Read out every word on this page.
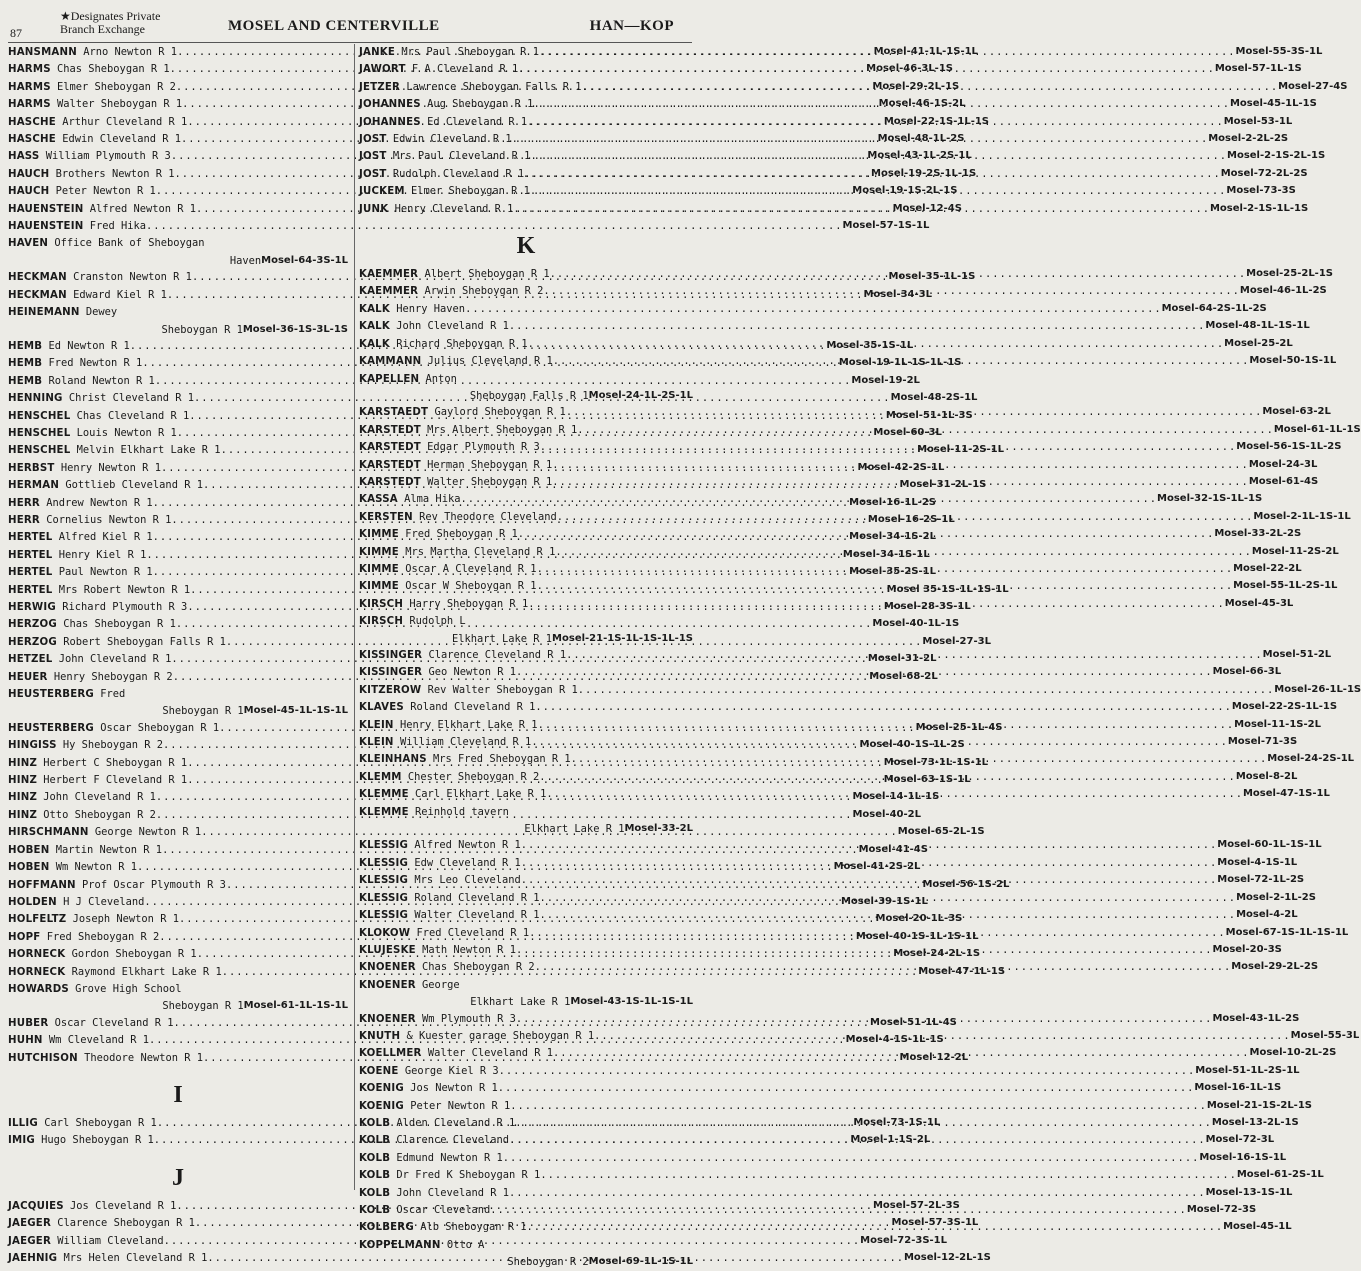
87
★Designates Private
Branch Exchange	MOSEL AND CENTERVILLE	HAN—KOP
HANSMANN Arno Newton R 1 .....	Mosel-41-1L-1S-1L
HARMS Chas Sheboygan R 1 .....	Mosel-46-3L-1S
HARMS Elmer Sheboygan R 2 .....	Mosel-29-2L-1S
HARMS Walter Sheboygan R 1 .....	Mosel-46-1S-2L
HASCHE Arthur Cleveland R 1 .....	Mosel-22-1S-1L-1S
HASCHE Edwin Cleveland R 1 .....	Mosel-48-1L-2S
HASS William Plymouth R 3 .....	Mosel-43-1L-2S-1L
HAUCH Brothers Newton R 1 .....	Mosel-19-2S-1L-1S
HAUCH Peter Newton R 1 .....	Mosel-19-1S-2L-1S
HAUENSTEIN Alfred Newton R 1 .....	Mosel-12-4S
HAUENSTEIN Fred Hika .....	Mosel-57-1S-1L
HAVEN Office Bank of Sheboygan
Haven Mosel-64-3S-1L
HECKMAN Cranston Newton R 1 .....	Mosel-35-1L-1S
HECKMAN Edward Kiel R 1 .....	Mosel-34-3L
HEINEMANN Dewey
Sheboygan R 1 Mosel-36-1S-3L-1S
HEMB Ed Newton R 1 .....	Mosel-35-1S-1L
HEMB Fred Newton R 1 .....	Mosel-19-1L-1S-1L-1S
HEMB Roland Newton R 1 .....	Mosel-19-2L
HENNING Christ Cleveland R 1 .....	Mosel-48-2S-1L
HENSCHEL Chas Cleveland R 1 .....	Mosel-51-1L-3S
HENSCHEL Louis Newton R 1 .....	Mosel-60-3L
HENSCHEL Melvin Elkhart Lake R 1 .....	Mosel-11-2S-1L
HERBST Henry Newton R 1 .....	Mosel-42-2S-1L
HERMAN Gottlieb Cleveland R 1 .....	Mosel-31-2L-1S
HERR Andrew Newton R 1 .....	Mosel-16-1L-2S
HERR Cornelius Newton R 1 .....	Mosel-16-2S-1L
HERTEL Alfred Kiel R 1 .....	Mosel-34-1S-2L
HERTEL Henry Kiel R 1 .....	Mosel-34-1S-1L
HERTEL Paul Newton R 1 .....	Mosel-35-2S-1L
HERTEL Mrs Robert Newton R 1 .....	Mosel 35-1S-1L-1S-1L
HERWIG Richard Plymouth R 3 .....	Mosel-28-3S-1L
HERZOG Chas Sheboygan R 1 .....	Mosel-40-1L-1S
HERZOG Robert Sheboygan Falls R 1 .....	Mosel-27-3L
HETZEL John Cleveland R 1 .....	Mosel-31-2L
HEUER Henry Sheboygan R 2 .....	Mosel-68-2L
HEUSTERBERG Fred
Sheboygan R 1 Mosel-45-1L-1S-1L
HEUSTERBERG Oscar Sheboygan R 1 .....	Mosel-25-1L-4S
HINGISS Hy Sheboygan R 2 .....	Mosel-40-1S-1L-2S
HINZ Herbert C Sheboygan R 1 .....	Mosel-73-1L-1S-1L
HINZ Herbert F Cleveland R 1 .....	Mosel-63-1S-1L
HINZ John Cleveland R 1 .....	Mosel-14-1L-1S
HINZ Otto Sheboygan R 2 .....	Mosel-40-2L
HIRSCHMANN George Newton R 1 .....	Mosel-65-2L-1S
HOBEN Martin Newton R 1 .....	Mosel-41-4S
HOBEN Wm Newton R 1 .....	Mosel-41-2S-2L
HOFFMANN Prof Oscar Plymouth R 3 .....	Mosel-56-1S-2L
HOLDEN H J Cleveland .....	Mosel-39-1S-1L
HOLFELTZ Joseph Newton R 1 .....	Mosel-20-1L-3S
HOPF Fred Sheboygan R 2 .....	Mosel-40-1S-1L-1S-1L
HORNECK Gordon Sheboygan R 1 .....	Mosel-24-2L-1S
HORNECK Raymond Elkhart Lake R 1 .....	Mosel-47-1L-1S
HOWARDS Grove High School
Sheboygan R 1 Mosel-61-1L-1S-1L
HUBER Oscar Cleveland R 1 .....	Mosel-51-1L-4S
HUHN Wm Cleveland R 1 .....	Mosel-4-1S-1L-1S
HUTCHISON Theodore Newton R 1 .....	Mosel-12-2L
I
ILLIG Carl Sheboygan R 1 .....	Mosel-73-1S-1L
IMIG Hugo Sheboygan R 1 .....	Mosel-1-1S-2L
J
JACQUIES Jos Cleveland R 1 .....	Mosel-57-2L-3S
JAEGER Clarence Sheboygan R 1 .....	Mosel-57-3S-1L
JAEGER William Cleveland .....	Mosel-72-3S-1L
JAEHNIG Mrs Helen Cleveland R 1 .....	Mosel-12-2L-1S
JANKE Mrs Paul Sheboygan R 1 .....	Mosel-55-3S-1L
JAWORT F A Cleveland R 1 .....	Mosel-57-1L-1S
JETZER Lawrence Sheboygan Falls R 1 .....	Mosel-27-4S
JOHANNES Aug Sheboygan R 1 .....	Mosel-45-1L-1S
JOHANNES Ed Cleveland R 1 .....	Mosel-53-1L
JOST Edwin Cleveland R 1 .....	Mosel-2-2L-2S
JOST Mrs Paul Cleveland R 1 .....	Mosel-2-1S-2L-1S
JOST Rudolph Cleveland R 1 .....	Mosel-72-2L-2S
JUCKEM Elmer Sheboygan R 1 .....	Mosel-73-3S
JUNK Henry Cleveland R 1 .....	Mosel-2-1S-1L-1S
K
KAEMMER Albert Sheboygan R 1 .....	Mosel-25-2L-1S
KAEMMER Arwin Sheboygan R 2 .....	Mosel-46-1L-2S
KALK Henry Haven .....	Mosel-64-2S-1L-2S
KALK John Cleveland R 1 .....	Mosel-48-1L-1S-1L
KALK Richard Sheboygan R 1 .....	Mosel-25-2L
KAMMANN Julius Cleveland R 1 .....	Mosel-50-1S-1L
KAPELLEN Anton
Sheboygan Falls R 1 Mosel-24-1L-2S-1L
KARSTAEDT Gaylord Sheboygan R 1 .....	Mosel-63-2L
KARSTEDT Mrs Albert Sheboygan R 1 .....	Mosel-61-1L-1S
KARSTEDT Edgar Plymouth R 3 .....	Mosel-56-1S-1L-2S
KARSTEDT Herman Sheboygan R 1 .....	Mosel-24-3L
KARSTEDT Walter Sheboygan R 1 .....	Mosel-61-4S
KASSA Alma Hika .....	Mosel-32-1S-1L-1S
KERSTEN Rev Theodore Cleveland .....	Mosel-2-1L-1S-1L
KIMME Fred Sheboygan R 1 .....	Mosel-33-2L-2S
KIMME Mrs Martha Cleveland R 1 .....	Mosel-11-2S-2L
KIMME Oscar A Cleveland R 1 .....	Mosel-22-2L
KIMME Oscar W Sheboygan R 1 .....	Mosel-55-1L-2S-1L
KIRSCH Harry Sheboygan R 1 .....	Mosel-45-3L
KIRSCH Rudolph L
Elkhart Lake R 1 Mosel-21-1S-1L-1S-1L-1S
KISSINGER Clarence Cleveland R 1 .....	Mosel-51-2L
KISSINGER Geo Newton R 1 .....	Mosel-66-3L
KITZEROW Rev Walter Sheboygan R 1 .....	Mosel-26-1L-1S
KLAVES Roland Cleveland R 1 .....	Mosel-22-2S-1L-1S
KLEIN Henry Elkhart Lake R 1 .....	Mosel-11-1S-2L
KLEIN William Cleveland R 1 .....	Mosel-71-3S
KLEINHANS Mrs Fred Sheboygan R 1 .....	Mosel-24-2S-1L
KLEMM Chester Sheboygan R 2 .....	Mosel-8-2L
KLEMME Carl Elkhart Lake R 1 .....	Mosel-47-1S-1L
KLEMME Reinhold tavern
Elkhart Lake R 1 Mosel-33-2L
KLESSIG Alfred Newton R 1 .....	Mosel-60-1L-1S-1L
KLESSIG Edw Cleveland R 1 .....	Mosel-4-1S-1L
KLESSIG Mrs Leo Cleveland .....	Mosel-72-1L-2S
KLESSIG Roland Cleveland R 1 .....	Mosel-2-1L-2S
KLESSIG Walter Cleveland R 1 .....	Mosel-4-2L
KLOKOW Fred Cleveland R 1 .....	Mosel-67-1S-1L-1S-1L
KLUJESKE Math Newton R 1 .....	Mosel-20-3S
KNOENER Chas Sheboygan R 2 .....	Mosel-29-2L-2S
KNOENER George
Elkhart Lake R 1 Mosel-43-1S-1L-1S-1L
KNOENER Wm Plymouth R 3 .....	Mosel-43-1L-2S
KNUTH & Kuester garage Sheboygan R 1 .....	Mosel-55-3L
KOELLMER Walter Cleveland R 1 .....	Mosel-10-2L-2S
KOENE George Kiel R 3 .....	Mosel-51-1L-2S-1L
KOENIG Jos Newton R 1 .....	Mosel-16-1L-1S
KOENIG Peter Newton R 1 .....	Mosel-21-1S-2L-1S
KOLB Alden Cleveland R 1 .....	Mosel-13-2L-1S
KOLB Clarence Cleveland .....	Mosel-72-3L
KOLB Edmund Newton R 1 .....	Mosel-16-1S-1L
KOLB Dr Fred K Sheboygan R 1 .....	Mosel-61-2S-1L
KOLB John Cleveland R 1 .....	Mosel-13-1S-1L
KOLB Oscar Cleveland .....	Mosel-72-3S
KOLBERG Alb Sheboygan R 1 .....	Mosel-45-1L
KOPPELMANN Otto A
Sheboygan R 2 Mosel-69-1L-1S-1L
